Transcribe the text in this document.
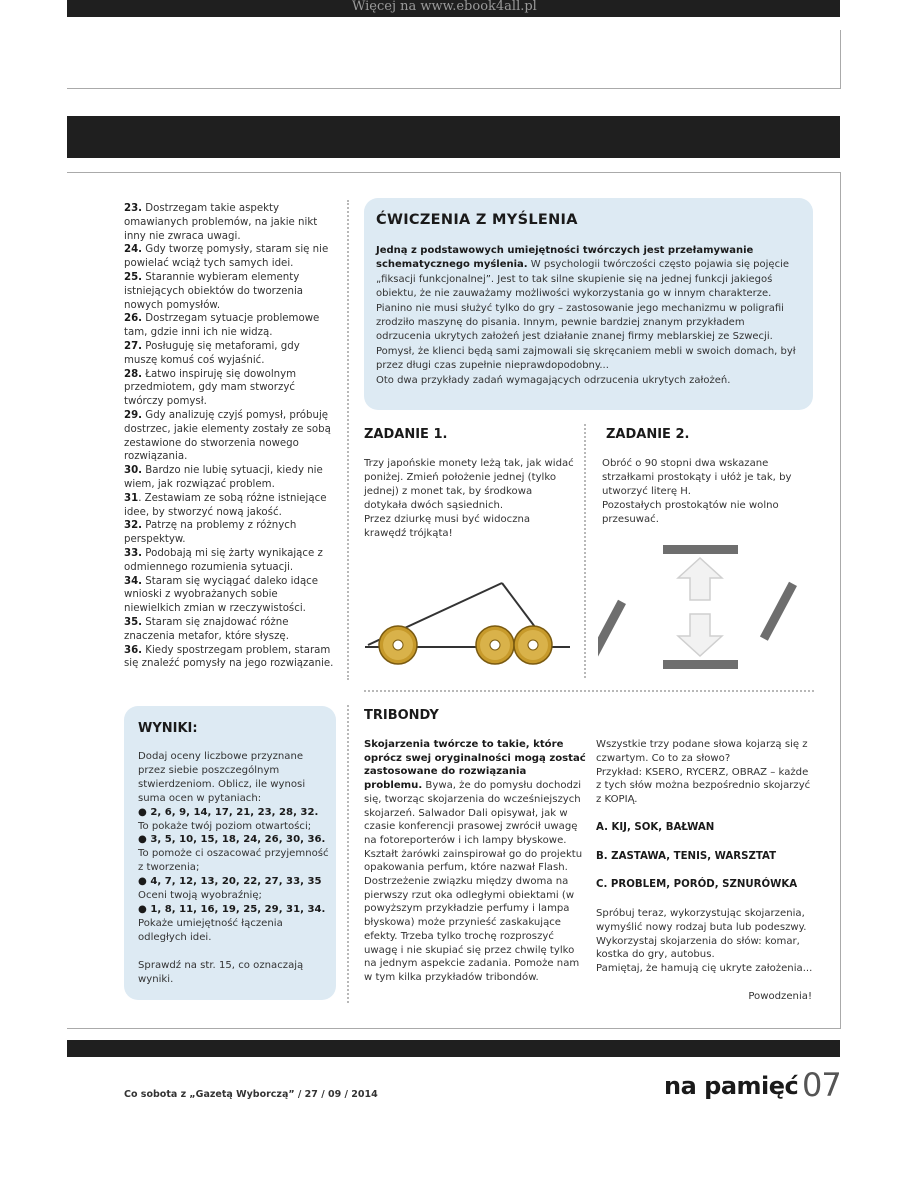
Więcej na www.ebook4all.pl

23. Dostrzegam takie aspekty omawianych problemów, na jakie nikt inny nie zwraca uwagi.

24. Gdy tworzę pomysły, staram się nie powielać wciąż tych samych idei.

25. Starannie wybieram elementy istniejących obiektów do tworzenia nowych pomysłów.

26. Dostrzegam sytuacje problemowe tam, gdzie inni ich nie widzą.

27. Posługuję się metaforami, gdy muszę komuś coś wyjaśnić.

28. Łatwo inspiruję się dowolnym przedmiotem, gdy mam stworzyć twórczy pomysł.

29. Gdy analizuję czyjś pomysł, próbuję dostrzec, jakie elementy zostały ze sobą zestawione do stworzenia nowego rozwiązania.

30. Bardzo nie lubię sytuacji, kiedy nie wiem, jak rozwiązać problem.

31. Zestawiam ze sobą różne istniejące idee, by stworzyć nową jakość.

32. Patrzę na problemy z różnych perspektyw.

33. Podobają mi się żarty wynikające z odmiennego rozumienia sytuacji.

34. Staram się wyciągać daleko idące wnioski z wyobrażanych sobie niewielkich zmian w rzeczywistości.

35. Staram się znajdować różne znaczenia metafor, które słyszę.

36. Kiedy spostrzegam problem, staram się znaleźć pomysły na jego rozwiązanie.

ĆWICZENIA Z MYŚLENIA

Jedną z podstawowych umiejętności twórczych jest przełamywanie schematycznego myślenia. W psychologii twórczości często pojawia się pojęcie „fiksacji funkcjonalnej”. Jest to tak silne skupienie się na jednej funkcji jakiegoś obiektu, że nie zauważamy możliwości wykorzystania go w innym charakterze. Pianino nie musi służyć tylko do gry – zastosowanie jego mechanizmu w poligrafii zrodziło maszynę do pisania. Innym, pewnie bardziej znanym przykładem odrzucenia ukrytych założeń jest działanie znanej firmy meblarskiej ze Szwecji. Pomysł, że klienci będą sami zajmowali się skręcaniem mebli w swoich domach, był przez długi czas zupełnie nieprawdopodobny...
Oto dwa przykłady zadań wymagających odrzucenia ukrytych założeń.

ZADANIE 1.

Trzy japońskie monety leżą tak, jak widać poniżej. Zmień położenie jednej (tylko jednej) z monet tak, by środkowa dotykała dwóch sąsiednich.
Przez dziurkę musi być widoczna krawędź trójkąta!

ZADANIE 2.

Obróć o 90 stopni dwa wskazane strzałkami prostokąty i ułóż je tak, by utworzyć literę H.
Pozostałych prostokątów nie wolno przesuwać.

WYNIKI:

Dodaj oceny liczbowe przyznane przez siebie poszczególnym stwierdzeniom. Oblicz, ile wynosi suma ocen w pytaniach:
● 2, 6, 9, 14, 17, 21, 23, 28, 32.
To pokaże twój poziom otwartości;
● 3, 5, 10, 15, 18, 24, 26, 30, 36.
To pomoże ci oszacować przyjemność z tworzenia;
● 4, 7, 12, 13, 20, 22, 27, 33, 35
Oceni twoją wyobraźnię;
● 1, 8, 11, 16, 19, 25, 29, 31, 34.
Pokaże umiejętność łączenia odległych idei.

Sprawdź na str. 15, co oznaczają wyniki.

TRIBONDY

Skojarzenia twórcze to takie, które oprócz swej oryginalności mogą zostać zastosowane do rozwiązania problemu. Bywa, że do pomysłu dochodzi się, tworząc skojarzenia do wcześniejszych skojarzeń. Salwador Dali opisywał, jak w czasie konferencji prasowej zwrócił uwagę na fotoreporterów i ich lampy błyskowe. Kształt żarówki zainspirował go do projektu opakowania perfum, które nazwał Flash. Dostrzeżenie związku między dwoma na pierwszy rzut oka odległymi obiektami (w powyższym przykładzie perfumy i lampa błyskowa) może przynieść zaskakujące efekty. Trzeba tylko trochę rozproszyć uwagę i nie skupiać się przez chwilę tylko na jednym aspekcie zadania. Pomoże nam w tym kilka przykładów tribondów.

Wszystkie trzy podane słowa kojarzą się z czwartym. Co to za słowo?
Przykład: KSERO, RYCERZ, OBRAZ – każde z tych słów można bezpośrednio skojarzyć z KOPIĄ.

A. KIJ, SOK, BAŁWAN

B. ZASTAWA, TENIS, WARSZTAT

C. PROBLEM, PORÓD, SZNURÓWKA

Spróbuj teraz, wykorzystując skojarzenia, wymyślić nowy rodzaj buta lub podeszwy. Wykorzystaj skojarzenia do słów: komar, kostka do gry, autobus.
Pamiętaj, że hamują cię ukryte założenia...

Powodzenia!

Co sobota z „Gazetą Wyborczą” / 27 / 09 / 2014	na pamięć 07
